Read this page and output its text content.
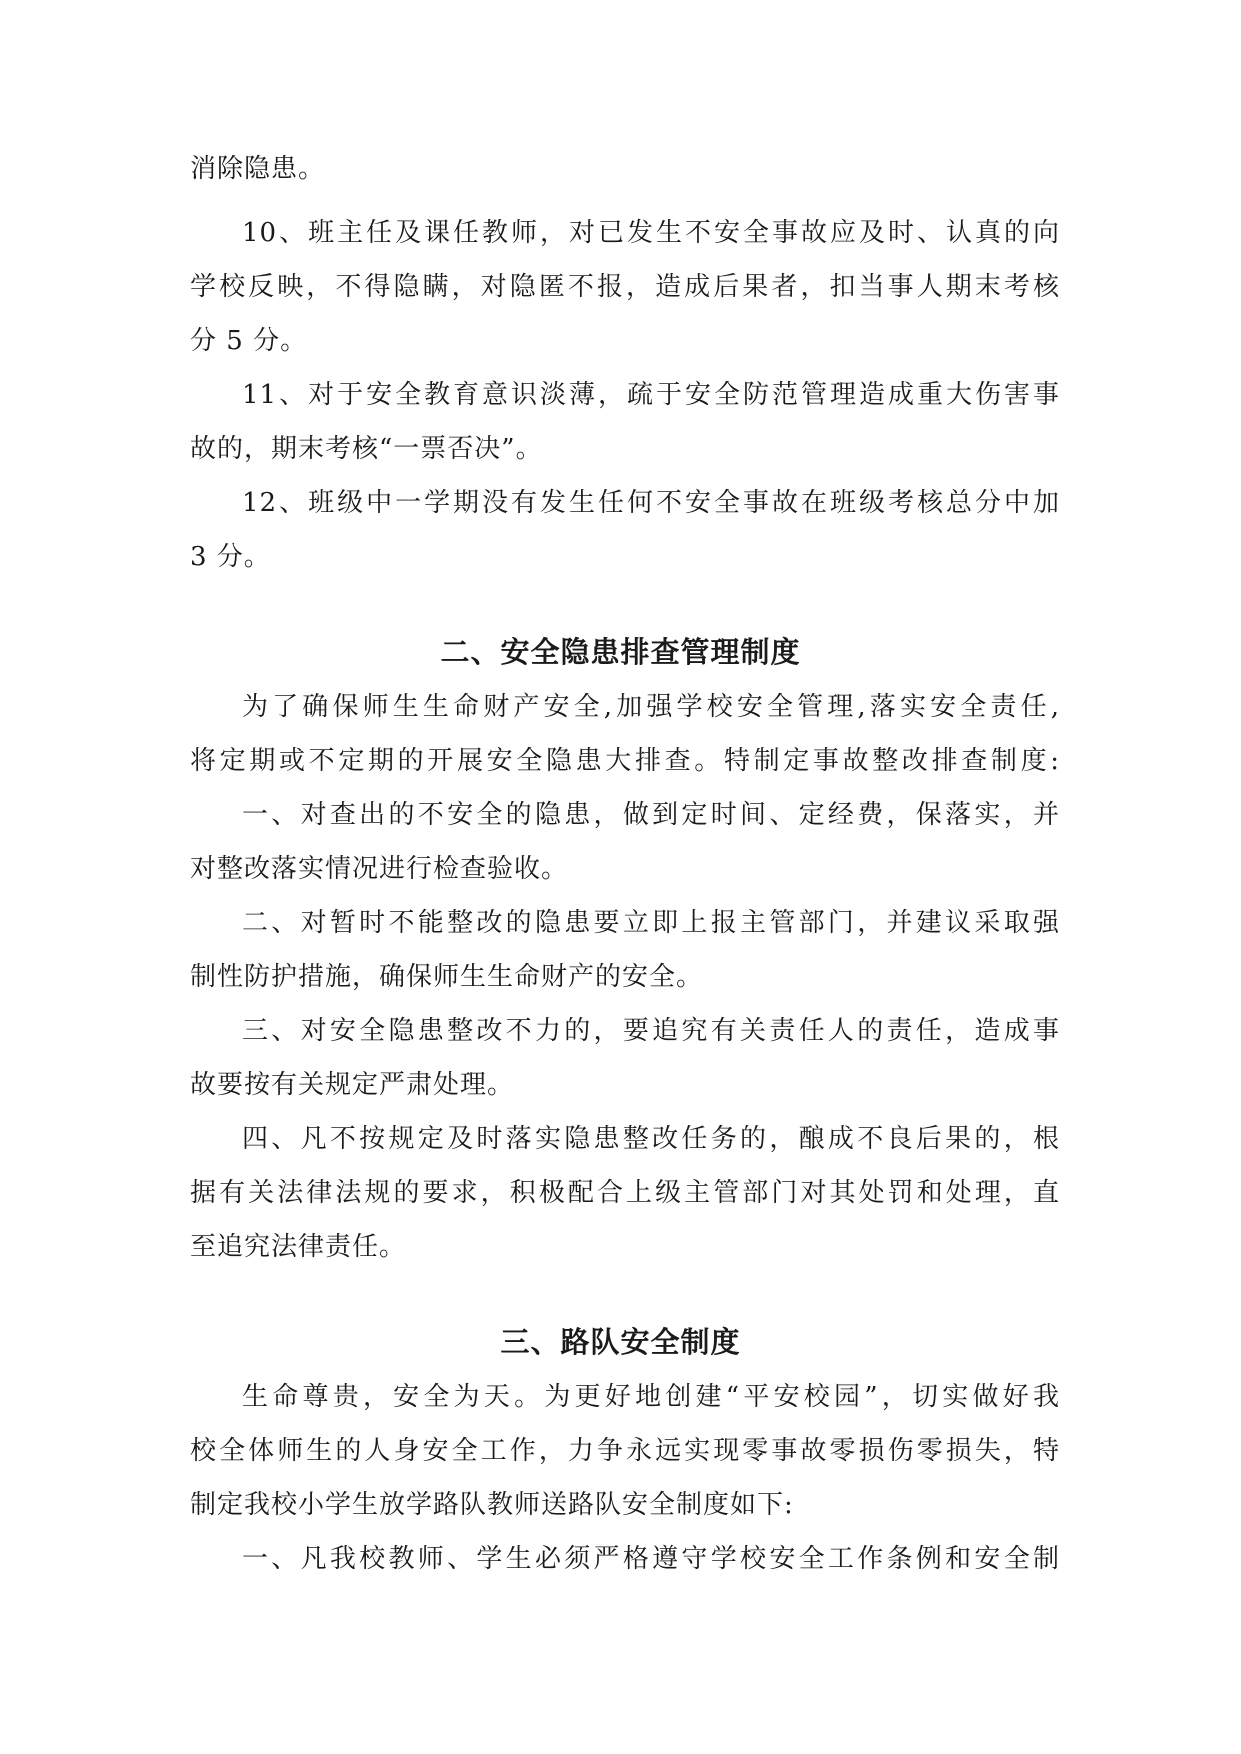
消除隐患。
10、班主任及课任教师，对已发生不安全事故应及时、认真的向
学校反映，不得隐瞒，对隐匿不报，造成后果者，扣当事人期末考核
分 5 分。
11、对于安全教育意识淡薄，疏于安全防范管理造成重大伤害事
故的，期末考核“一票否决”。
12、班级中一学期没有发生任何不安全事故在班级考核总分中加
3 分。
二、安全隐患排查管理制度
为了确保师生生命财产安全,加强学校安全管理,落实安全责任,
将定期或不定期的开展安全隐患大排查。特制定事故整改排查制度:
一、对查出的不安全的隐患，做到定时间、定经费，保落实，并
对整改落实情况进行检查验收。
二、对暂时不能整改的隐患要立即上报主管部门，并建议采取强
制性防护措施，确保师生生命财产的安全。
三、对安全隐患整改不力的，要追究有关责任人的责任，造成事
故要按有关规定严肃处理。
四、凡不按规定及时落实隐患整改任务的，酿成不良后果的，根
据有关法律法规的要求，积极配合上级主管部门对其处罚和处理，直
至追究法律责任。
三、路队安全制度
生命尊贵，安全为天。为更好地创建“平安校园”，切实做好我
校全体师生的人身安全工作，力争永远实现零事故零损伤零损失，特
制定我校小学生放学路队教师送路队安全制度如下:
一、凡我校教师、学生必须严格遵守学校安全工作条例和安全制
